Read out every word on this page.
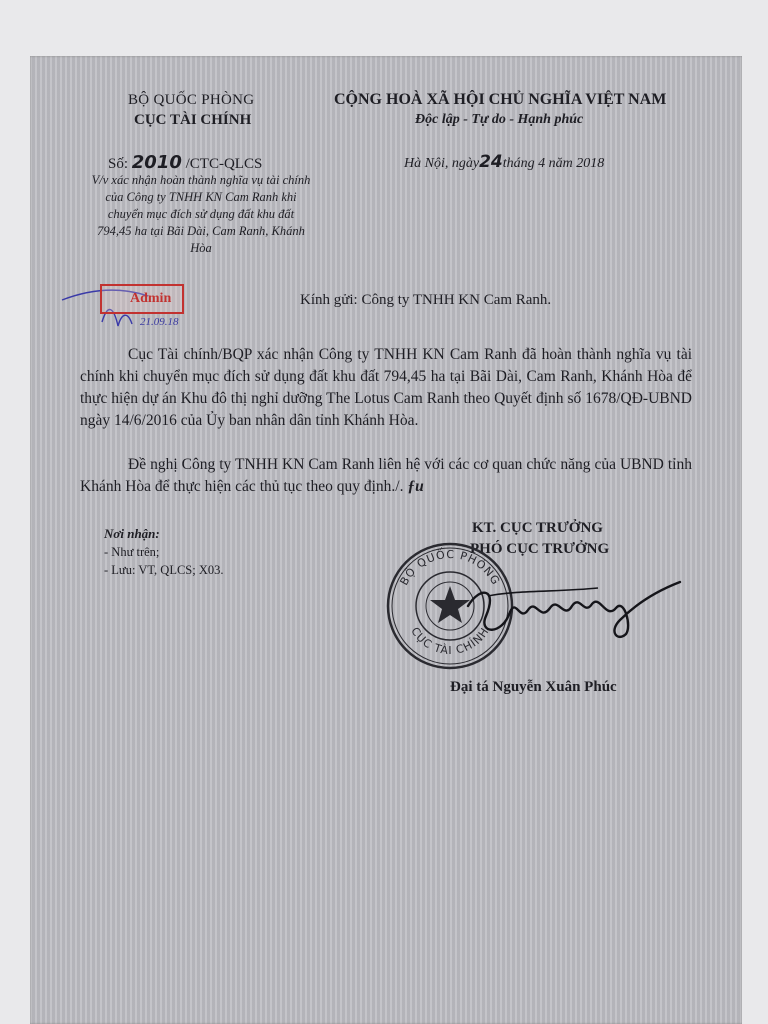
BỘ QUỐC PHÒNG
CỤC TÀI CHÍNH
CỘNG HOÀ XÃ HỘI CHỦ NGHĨA VIỆT NAM
Độc lập - Tự do - Hạnh phúc
Số: 2010 /CTC-QLCS	Hà Nội, ngày24tháng 4 năm 2018
V/v xác nhận hoàn thành nghĩa vụ tài chính của Công ty TNHH KN Cam Ranh khi chuyển mục đích sử dụng đất khu đất 794,45 ha tại Bãi Dài, Cam Ranh, Khánh Hòa
Admin
21.09.18
Kính gửi: Công ty TNHH KN Cam Ranh.
Cục Tài chính/BQP xác nhận Công ty TNHH KN Cam Ranh đã hoàn thành nghĩa vụ tài chính khi chuyển mục đích sử dụng đất khu đất 794,45 ha tại Bãi Dài, Cam Ranh, Khánh Hòa để thực hiện dự án Khu đô thị nghỉ dưỡng The Lotus Cam Ranh theo Quyết định số 1678/QĐ-UBND ngày 14/6/2016 của Ủy ban nhân dân tỉnh Khánh Hòa.
Đề nghị Công ty TNHH KN Cam Ranh liên hệ với các cơ quan chức năng của UBND tỉnh Khánh Hòa để thực hiện các thủ tục theo quy định./. ƒu
Nơi nhận:
- Như trên;
- Lưu: VT, QLCS; X03.
KT. CỤC TRƯỞNG
PHÓ CỤC TRƯỞNG
BỘ QUỐC PHÒNG
CỤC TÀI CHÍNH
Đại tá Nguyễn Xuân Phúc
